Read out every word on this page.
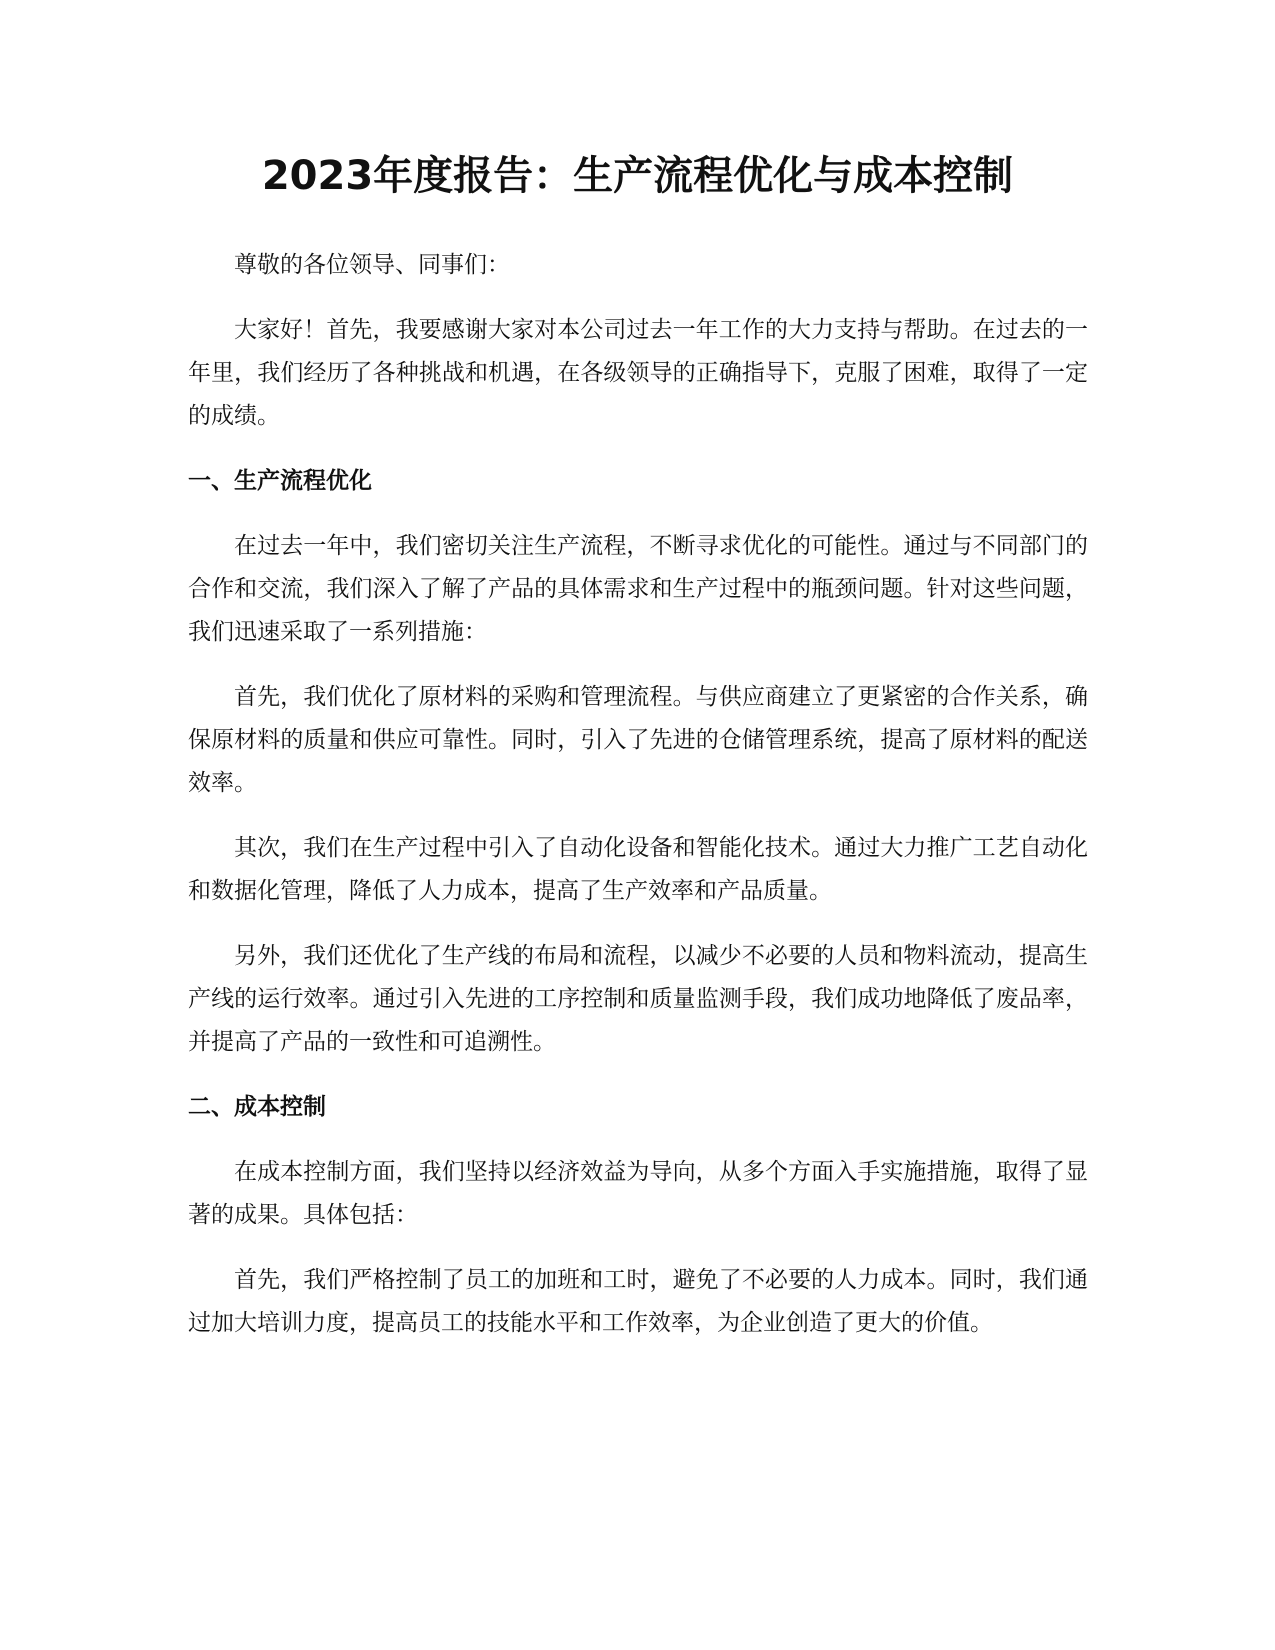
2023年度报告：生产流程优化与成本控制

尊敬的各位领导、同事们：

大家好！首先，我要感谢大家对本公司过去一年工作的大力支持与帮助。在过去的一年里，我们经历了各种挑战和机遇，在各级领导的正确指导下，克服了困难，取得了一定的成绩。

一、生产流程优化

在过去一年中，我们密切关注生产流程，不断寻求优化的可能性。通过与不同部门的合作和交流，我们深入了解了产品的具体需求和生产过程中的瓶颈问题。针对这些问题，我们迅速采取了一系列措施：

首先，我们优化了原材料的采购和管理流程。与供应商建立了更紧密的合作关系，确保原材料的质量和供应可靠性。同时，引入了先进的仓储管理系统，提高了原材料的配送效率。

其次，我们在生产过程中引入了自动化设备和智能化技术。通过大力推广工艺自动化和数据化管理，降低了人力成本，提高了生产效率和产品质量。

另外，我们还优化了生产线的布局和流程，以减少不必要的人员和物料流动，提高生产线的运行效率。通过引入先进的工序控制和质量监测手段，我们成功地降低了废品率，并提高了产品的一致性和可追溯性。

二、成本控制

在成本控制方面，我们坚持以经济效益为导向，从多个方面入手实施措施，取得了显著的成果。具体包括：

首先，我们严格控制了员工的加班和工时，避免了不必要的人力成本。同时，我们通过加大培训力度，提高员工的技能水平和工作效率，为企业创造了更大的价值。
